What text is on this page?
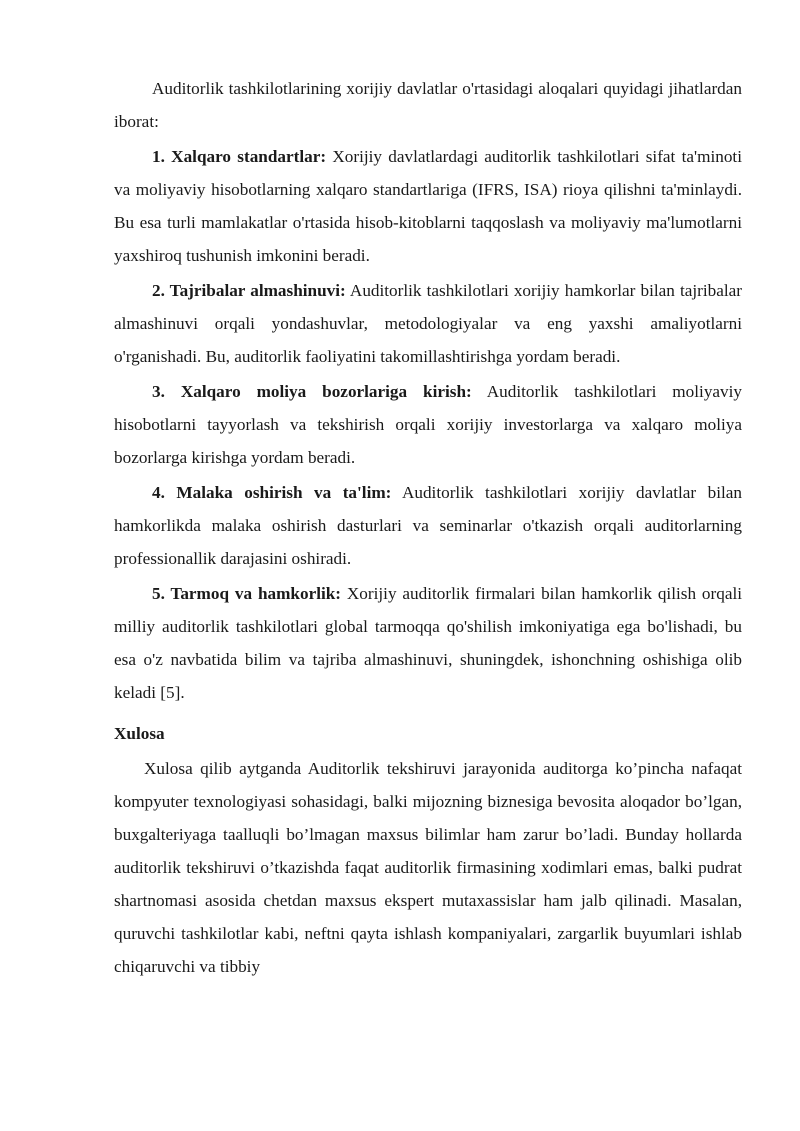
Auditorlik tashkilotlarining xorijiy davlatlar o'rtasidagi aloqalari quyidagi jihatlardan iborat:

1. Xalqaro standartlar: Xorijiy davlatlardagi auditorlik tashkilotlari sifat ta'minoti va moliyaviy hisobotlarning xalqaro standartlariga (IFRS, ISA) rioya qilishni ta'minlaydi. Bu esa turli mamlakatlar o'rtasida hisob-kitoblarni taqqoslash va moliyaviy ma'lumotlarni yaxshiroq tushunish imkonini beradi.

2. Tajribalar almashinuvi: Auditorlik tashkilotlari xorijiy hamkorlar bilan tajribalar almashinuvi orqali yondashuvlar, metodologiyalar va eng yaxshi amaliyotlarni o'rganishadi. Bu, auditorlik faoliyatini takomillashtirishga yordam beradi.

3. Xalqaro moliya bozorlariga kirish: Auditorlik tashkilotlari moliyaviy hisobotlarni tayyorlash va tekshirish orqali xorijiy investorlarga va xalqaro moliya bozorlarga kirishga yordam beradi.

4. Malaka oshirish va ta'lim: Auditorlik tashkilotlari xorijiy davlatlar bilan hamkorlikda malaka oshirish dasturlari va seminarlar o'tkazish orqali auditorlarning professionallik darajasini oshiradi.

5. Tarmoq va hamkorlik: Xorijiy auditorlik firmalari bilan hamkorlik qilish orqali milliy auditorlik tashkilotlari global tarmoqqa qo'shilish imkoniyatiga ega bo'lishadi, bu esa o'z navbatida bilim va tajriba almashinuvi, shuningdek, ishonchning oshishiga olib keladi [5].

Xulosa

Xulosa qilib aytganda Auditorlik tekshiruvi jarayonida auditorga ko’pincha nafaqat kompyuter texnologiyasi sohasidagi, balki mijozning biznesiga bevosita aloqador bo’lgan, buxgalteriyaga taalluqli bo’lmagan maxsus bilimlar ham zarur bo’ladi. Bunday hollarda auditorlik tekshiruvi o’tkazishda faqat auditorlik firmasining xodimlari emas, balki pudrat shartnomasi asosida chetdan maxsus ekspert mutaxassislar ham jalb qilinadi. Masalan, quruvchi tashkilotlar kabi, neftni qayta ishlash kompaniyalari, zargarlik buyumlari ishlab chiqaruvchi va tibbiy
